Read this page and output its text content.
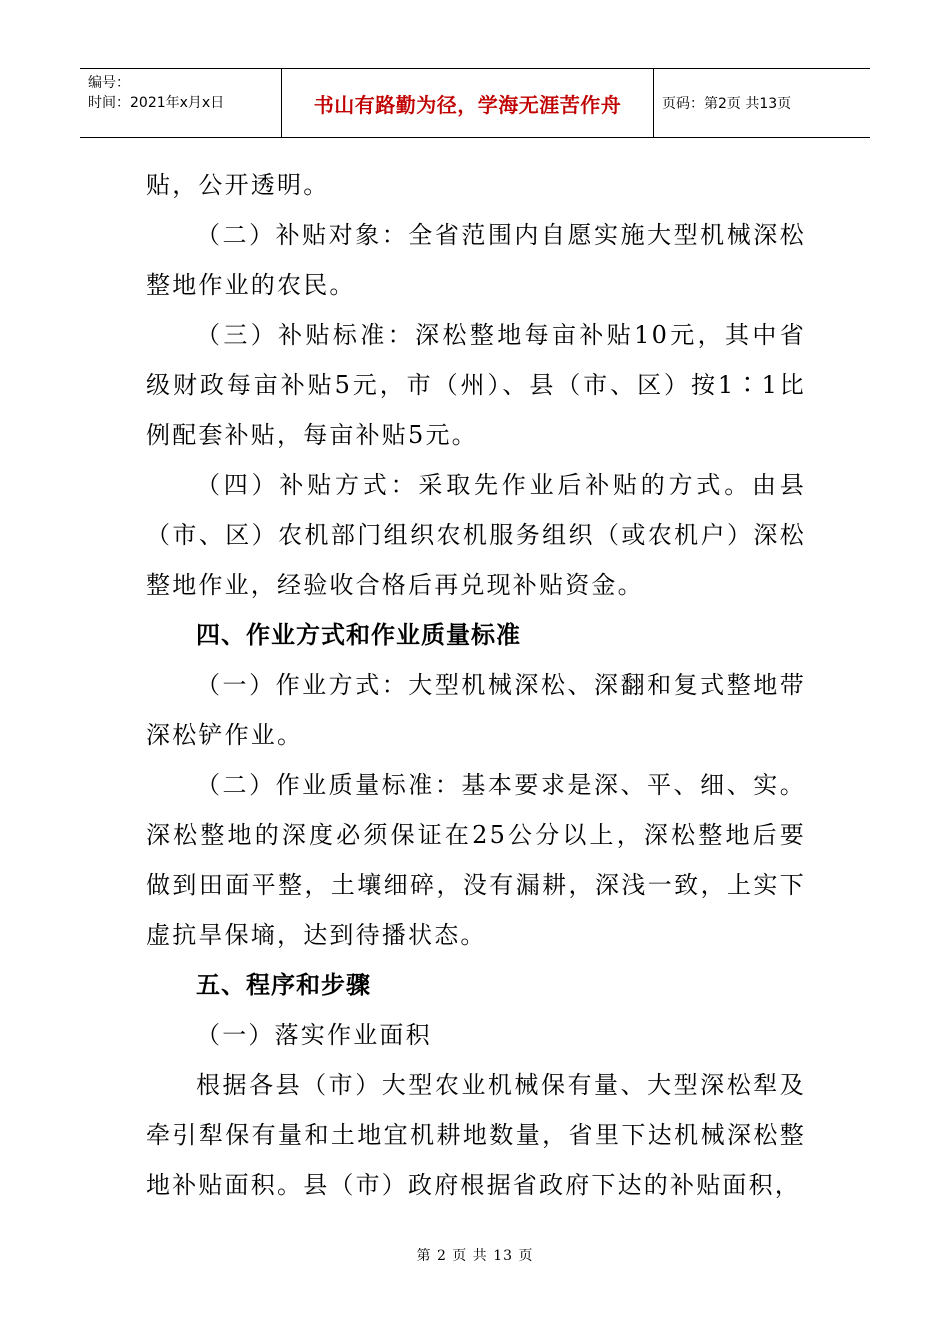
编号：
时间：2021年x月x日	书山有路勤为径，学海无涯苦作舟	页码：第2页 共13页

贴，公开透明。

（二）补贴对象：全省范围内自愿实施大型机械深松整地作业的农民。

（三）补贴标准：深松整地每亩补贴10元，其中省级财政每亩补贴5元，市（州）、县（市、区）按1∶1比例配套补贴，每亩补贴5元。

（四）补贴方式：采取先作业后补贴的方式。由县（市、区）农机部门组织农机服务组织（或农机户）深松整地作业，经验收合格后再兑现补贴资金。

四、作业方式和作业质量标准

（一）作业方式：大型机械深松、深翻和复式整地带深松铲作业。

（二）作业质量标准：基本要求是深、平、细、实。深松整地的深度必须保证在25公分以上，深松整地后要做到田面平整，土壤细碎，没有漏耕，深浅一致，上实下虚抗旱保墒，达到待播状态。

五、程序和步骤

（一）落实作业面积

根据各县（市）大型农业机械保有量、大型深松犁及牵引犁保有量和土地宜机耕地数量，省里下达机械深松整地补贴面积。县（市）政府根据省政府下达的补贴面积，

第 2 页 共 13 页
